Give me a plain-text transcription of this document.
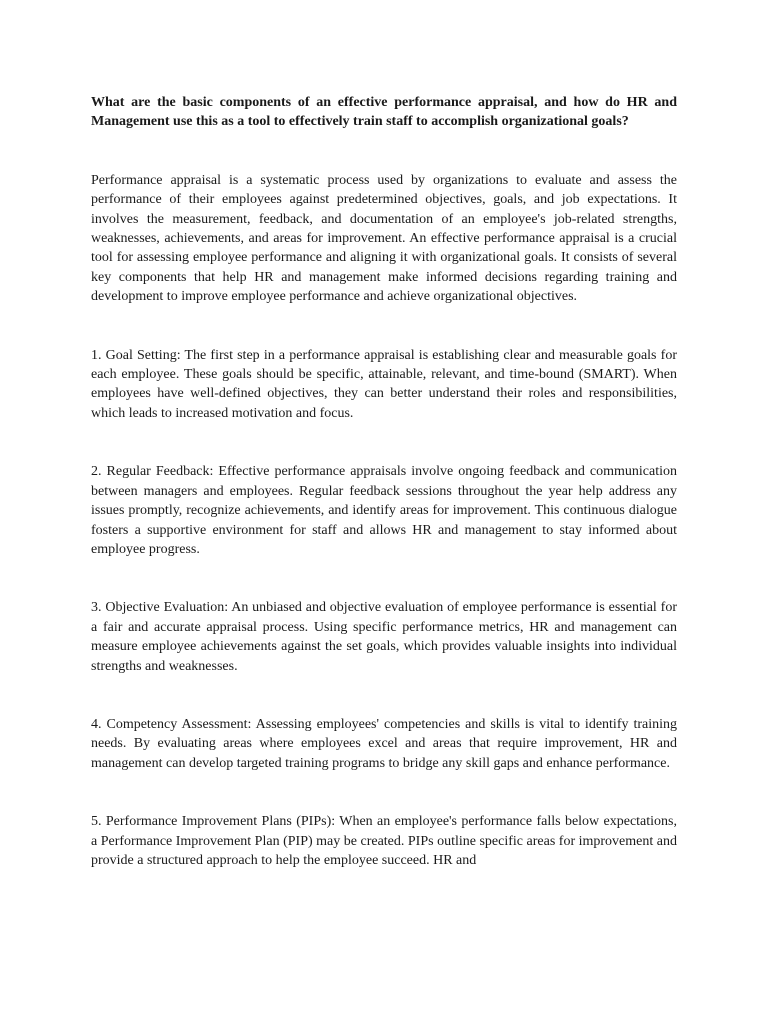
What are the basic components of an effective performance appraisal, and how do HR and Management use this as a tool to effectively train staff to accomplish organizational goals?

Performance appraisal is a systematic process used by organizations to evaluate and assess the performance of their employees against predetermined objectives, goals, and job expectations. It involves the measurement, feedback, and documentation of an employee's job-related strengths, weaknesses, achievements, and areas for improvement. An effective performance appraisal is a crucial tool for assessing employee performance and aligning it with organizational goals. It consists of several key components that help HR and management make informed decisions regarding training and development to improve employee performance and achieve organizational objectives.

1. Goal Setting: The first step in a performance appraisal is establishing clear and measurable goals for each employee. These goals should be specific, attainable, relevant, and time-bound (SMART). When employees have well-defined objectives, they can better understand their roles and responsibilities, which leads to increased motivation and focus.

2. Regular Feedback: Effective performance appraisals involve ongoing feedback and communication between managers and employees. Regular feedback sessions throughout the year help address any issues promptly, recognize achievements, and identify areas for improvement. This continuous dialogue fosters a supportive environment for staff and allows HR and management to stay informed about employee progress.

3. Objective Evaluation: An unbiased and objective evaluation of employee performance is essential for a fair and accurate appraisal process. Using specific performance metrics, HR and management can measure employee achievements against the set goals, which provides valuable insights into individual strengths and weaknesses.

4. Competency Assessment: Assessing employees' competencies and skills is vital to identify training needs. By evaluating areas where employees excel and areas that require improvement, HR and management can develop targeted training programs to bridge any skill gaps and enhance performance.

5. Performance Improvement Plans (PIPs): When an employee's performance falls below expectations, a Performance Improvement Plan (PIP) may be created. PIPs outline specific areas for improvement and provide a structured approach to help the employee succeed. HR and
